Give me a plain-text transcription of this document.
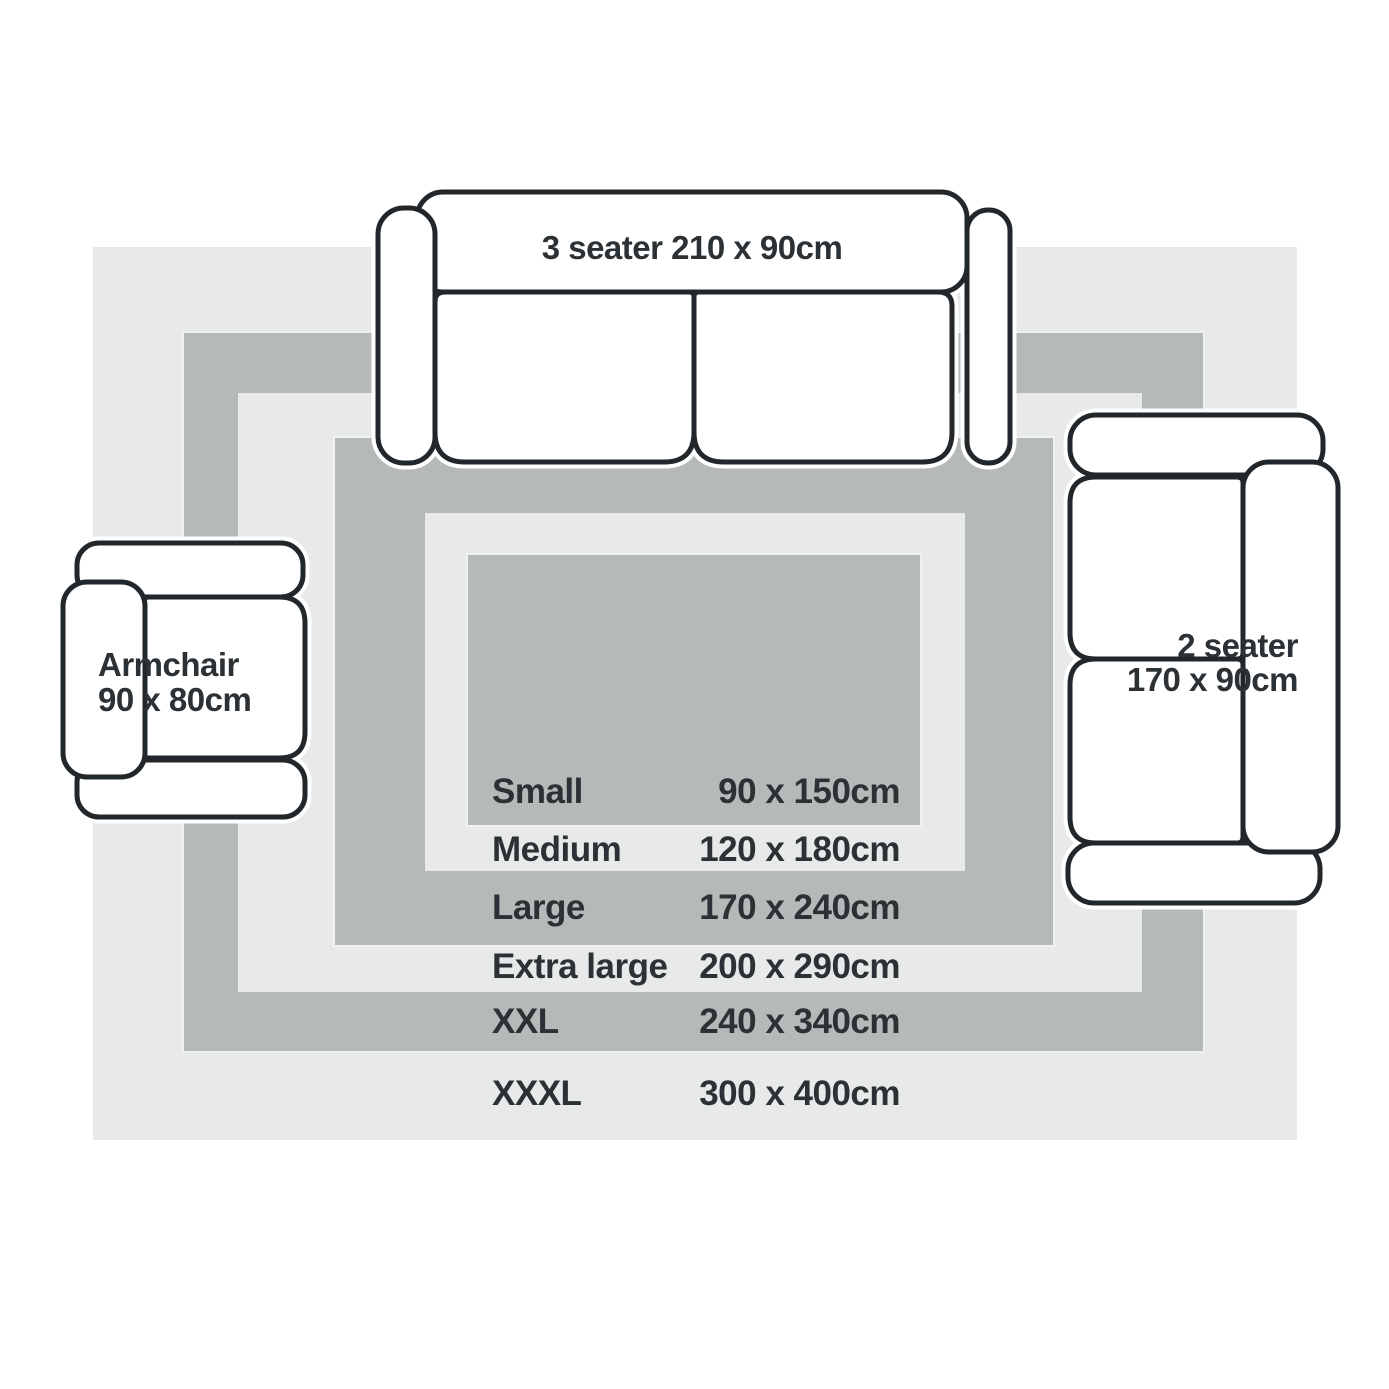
3 seater 210 x 90cm
Armchair
90 x 80cm
2 seater
170 x 90cm
Small	90 x 150cm
Medium 120 x 180cm
Large	170 x 240cm
Extra large 200 x 290cm
XXL	240 x 340cm
XXXL	300 x 400cm
